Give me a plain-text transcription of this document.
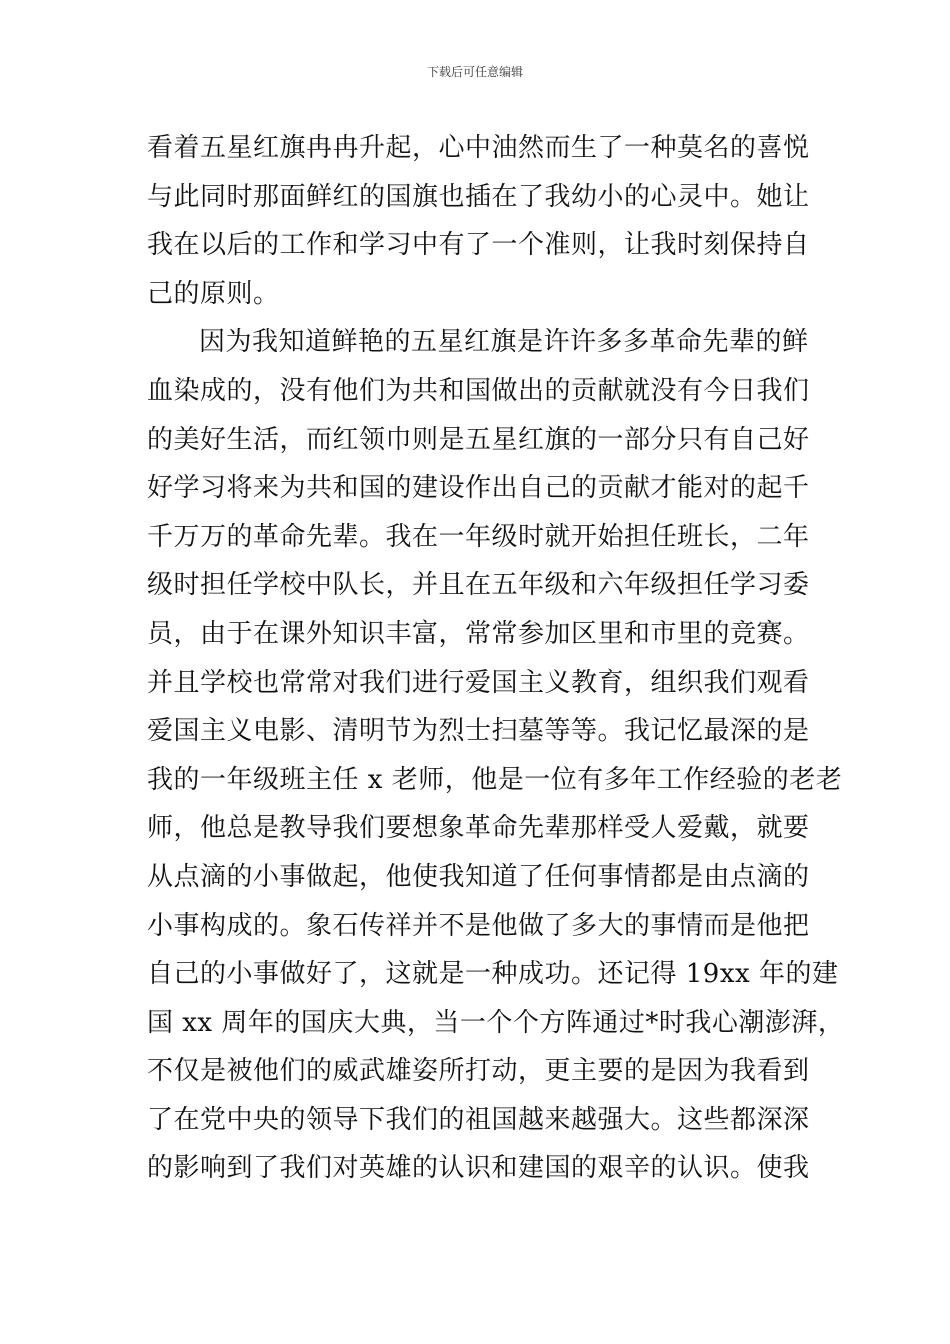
下载后可任意编辑
看着五星红旗冉冉升起，心中油然而生了一种莫名的喜悦
与此同时那面鲜红的国旗也插在了我幼小的心灵中。她让
我在以后的工作和学习中有了一个准则，让我时刻保持自
己的原则。
因为我知道鲜艳的五星红旗是许许多多革命先辈的鲜
血染成的，没有他们为共和国做出的贡献就没有今日我们
的美好生活，而红领巾则是五星红旗的一部分只有自己好
好学习将来为共和国的建设作出自己的贡献才能对的起千
千万万的革命先辈。我在一年级时就开始担任班长，二年
级时担任学校中队长，并且在五年级和六年级担任学习委
员，由于在课外知识丰富，常常参加区里和市里的竞赛。
并且学校也常常对我们进行爱国主义教育，组织我们观看
爱国主义电影、清明节为烈士扫墓等等。我记忆最深的是
我的一年级班主任 x 老师，他是一位有多年工作经验的老老
师，他总是教导我们要想象革命先辈那样受人爱戴，就要
从点滴的小事做起，他使我知道了任何事情都是由点滴的
小事构成的。象石传祥并不是他做了多大的事情而是他把
自己的小事做好了，这就是一种成功。还记得 19xx 年的建
国 xx 周年的国庆大典，当一个个方阵通过*时我心潮澎湃，
不仅是被他们的威武雄姿所打动，更主要的是因为我看到
了在党中央的领导下我们的祖国越来越强大。这些都深深
的影响到了我们对英雄的认识和建国的艰辛的认识。使我
